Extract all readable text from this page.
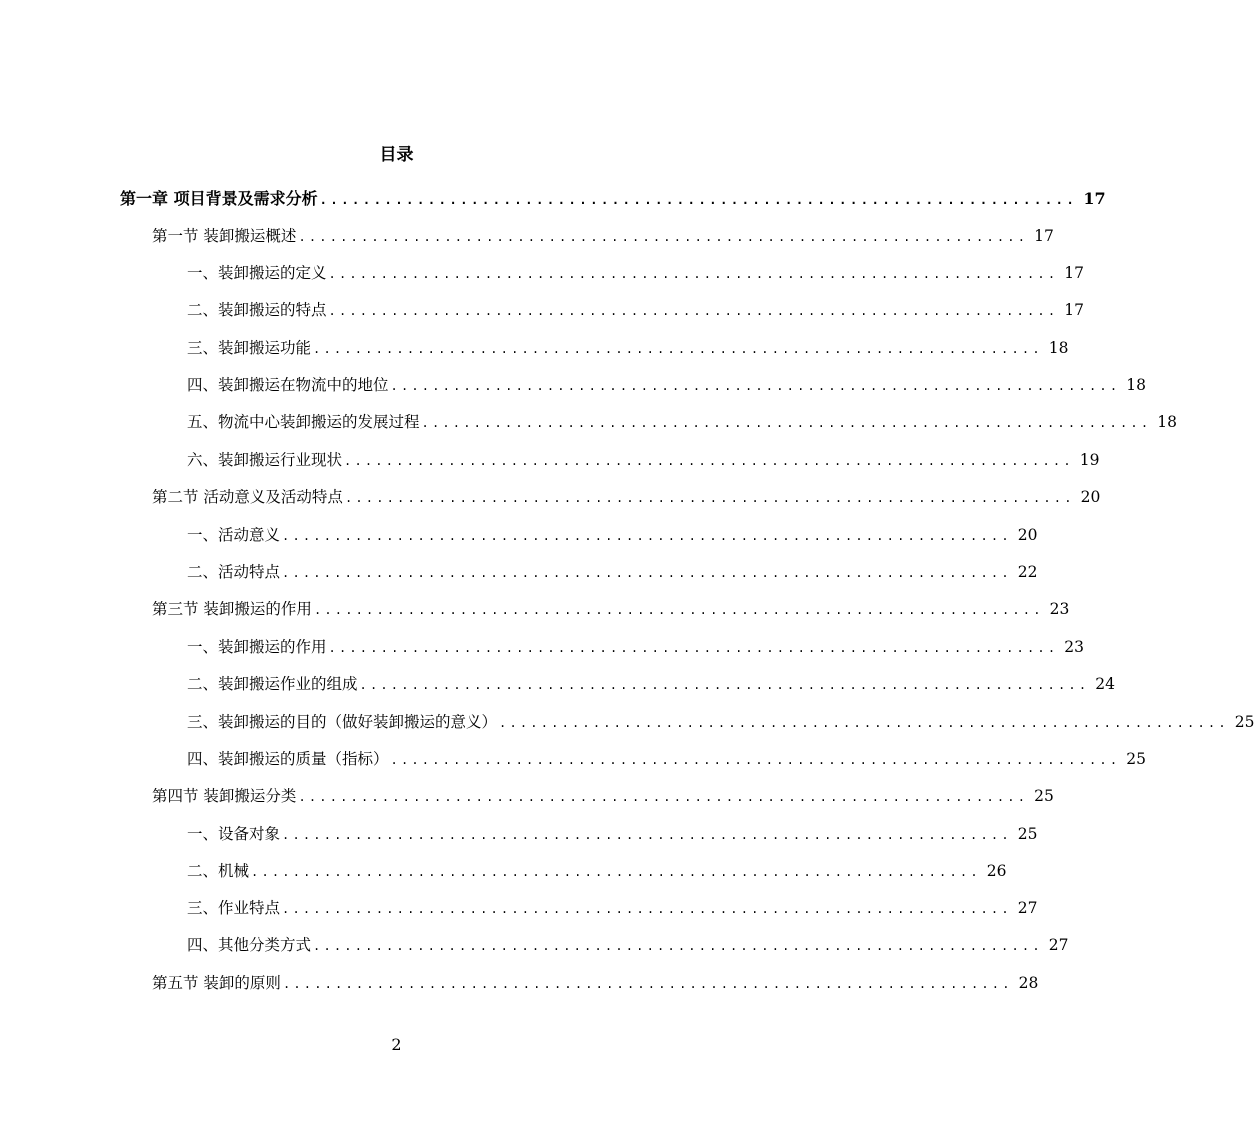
目录
第一章 项目背景及需求分析 ...................................................................... 17
第一节 装卸搬运概述 ...................................................................... 17
一、装卸搬运的定义 ...................................................................... 17
二、装卸搬运的特点 ...................................................................... 17
三、装卸搬运功能 ...................................................................... 18
四、装卸搬运在物流中的地位 ...................................................................... 18
五、物流中心装卸搬运的发展过程 ...................................................................... 18
六、装卸搬运行业现状 ...................................................................... 19
第二节 活动意义及活动特点 ...................................................................... 20
一、活动意义 ...................................................................... 20
二、活动特点 ...................................................................... 22
第三节 装卸搬运的作用 ...................................................................... 23
一、装卸搬运的作用 ...................................................................... 23
二、装卸搬运作业的组成 ...................................................................... 24
三、装卸搬运的目的（做好装卸搬运的意义） ...................................................................... 25
四、装卸搬运的质量（指标） ...................................................................... 25
第四节 装卸搬运分类 ...................................................................... 25
一、设备对象 ...................................................................... 25
二、机械 ...................................................................... 26
三、作业特点 ...................................................................... 27
四、其他分类方式 ...................................................................... 27
第五节 装卸的原则 ...................................................................... 28
2
